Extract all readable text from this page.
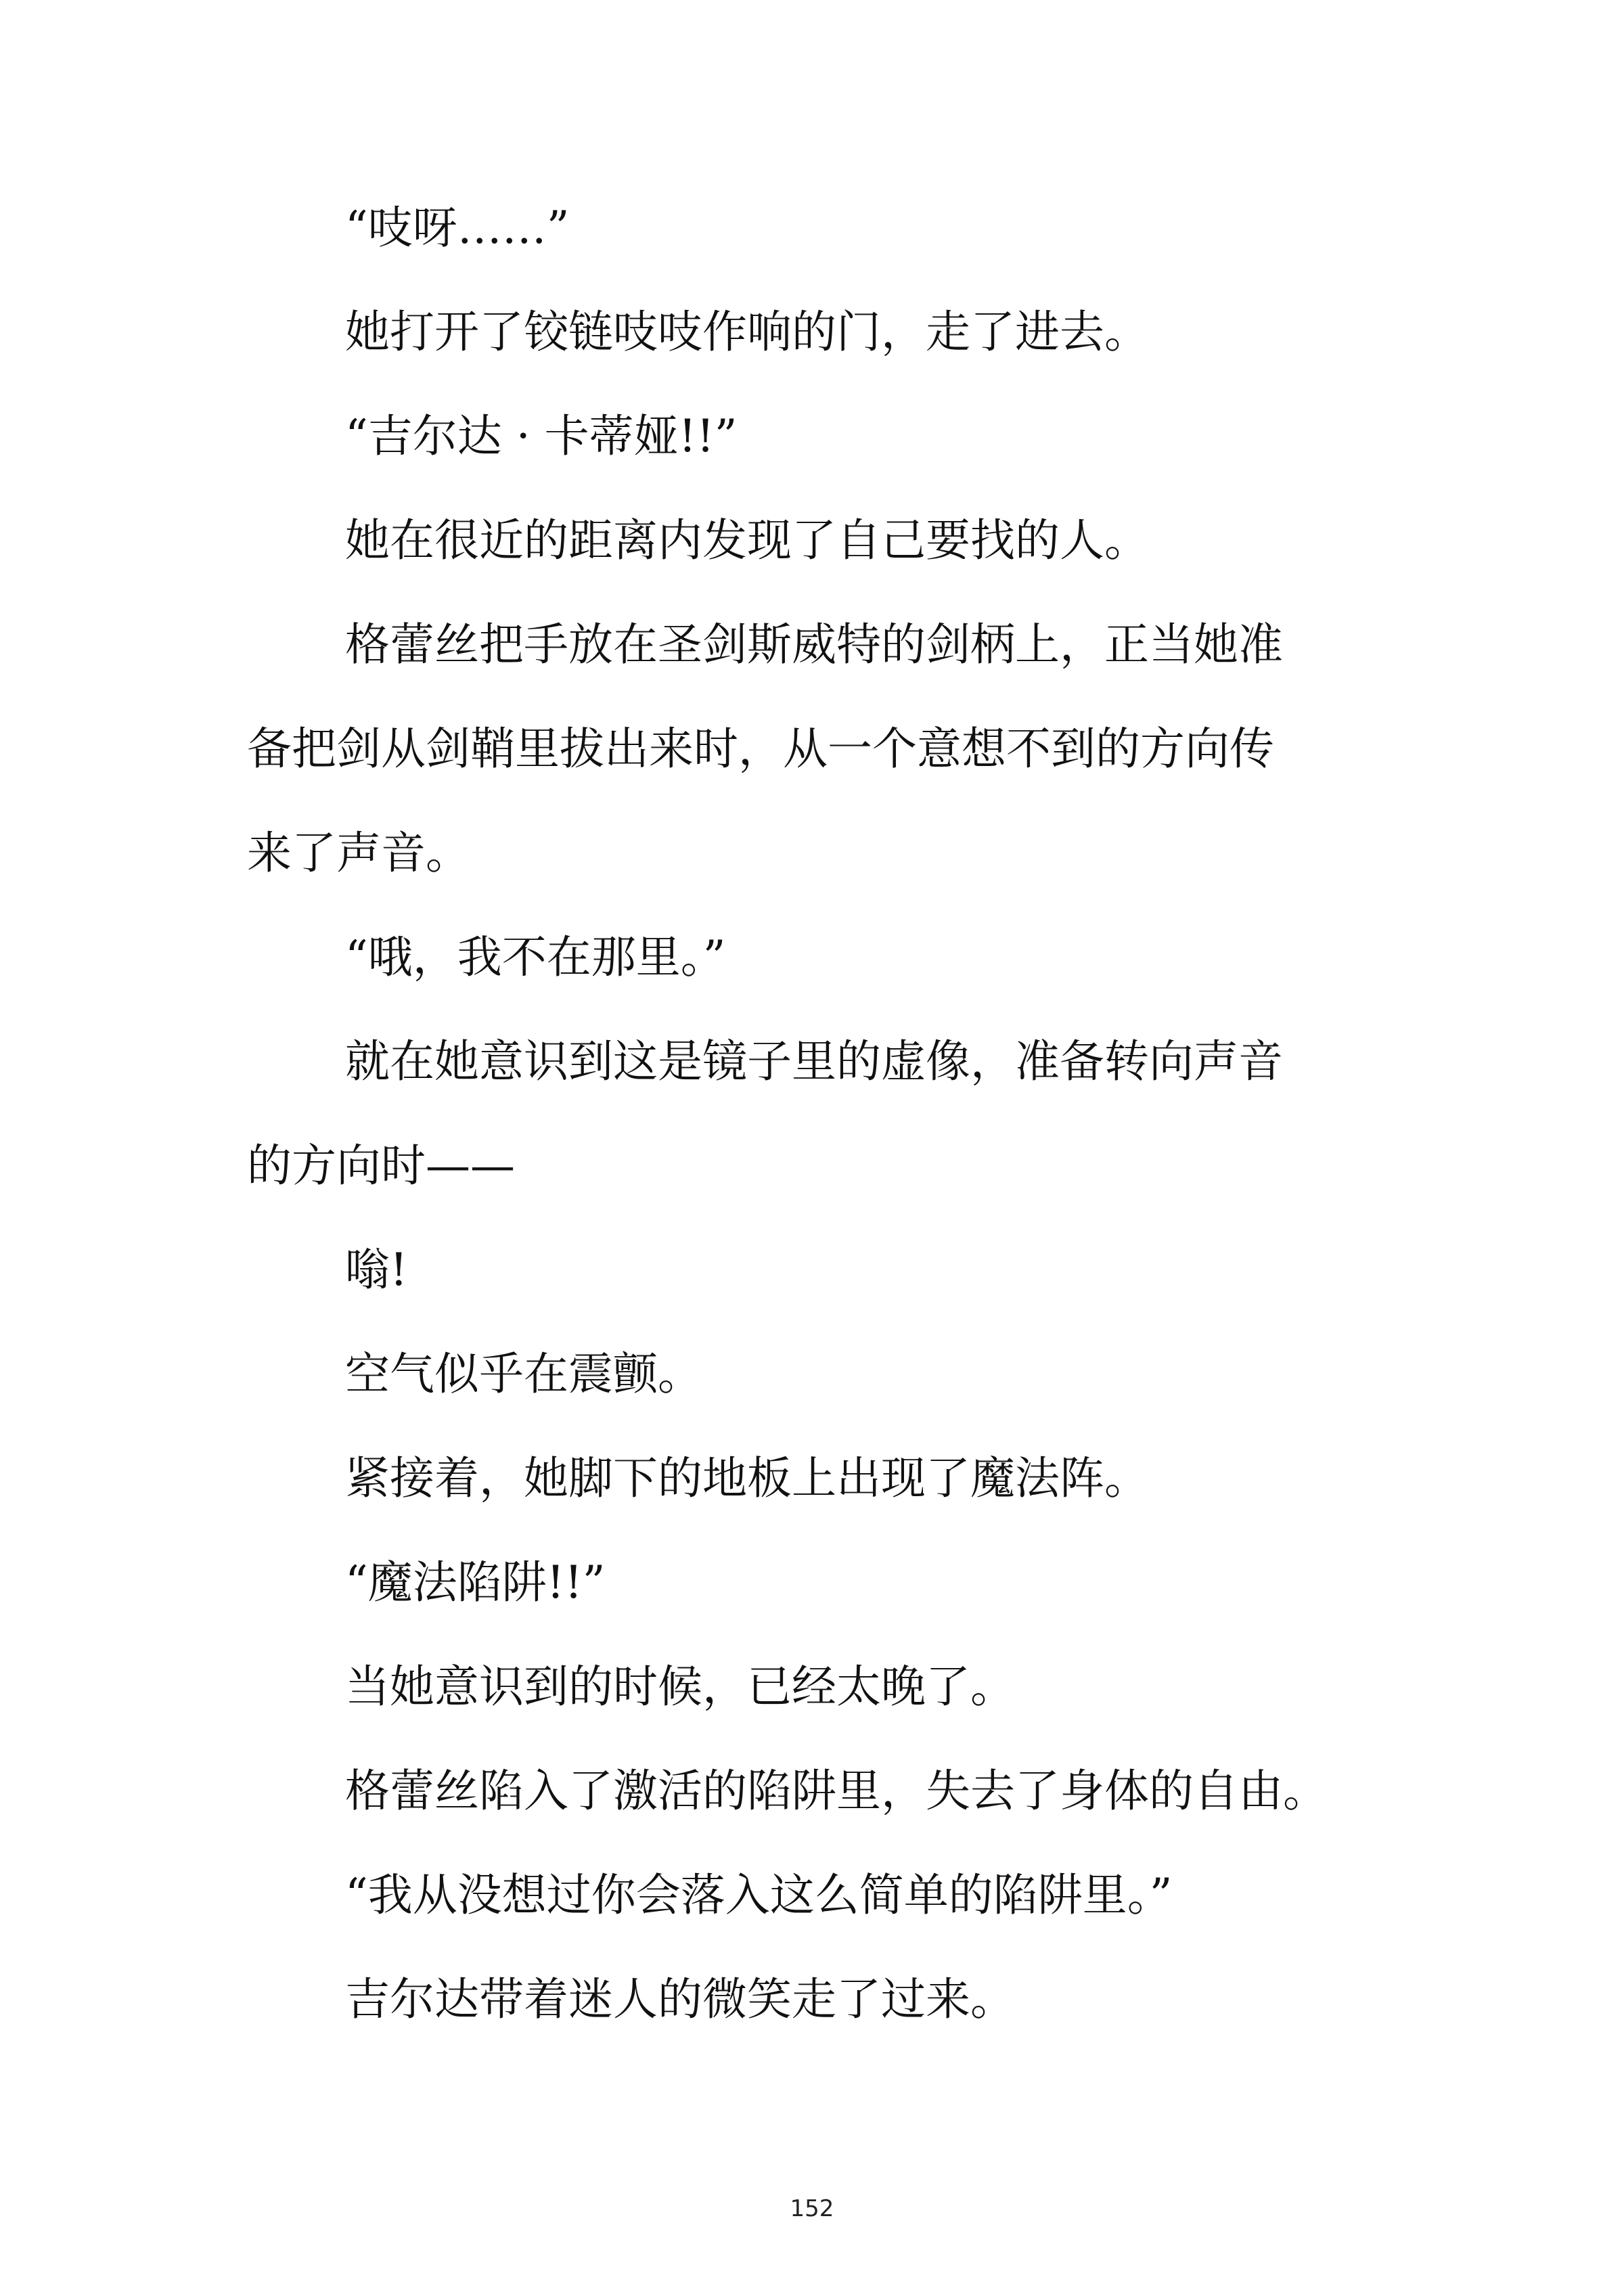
“吱呀……”
她打开了铰链吱吱作响的门，走了进去。
“吉尔达 · 卡蒂娅!!”
她在很近的距离内发现了自己要找的人。
格蕾丝把手放在圣剑斯威特的剑柄上，正当她准
备把剑从剑鞘里拔出来时，从一个意想不到的方向传
来了声音。
“哦，我不在那里。”
就在她意识到这是镜子里的虚像，准备转向声音
的方向时——
嗡!
空气似乎在震颤。
紧接着，她脚下的地板上出现了魔法阵。
“魔法陷阱!!”
当她意识到的时候，已经太晚了。
格蕾丝陷入了激活的陷阱里，失去了身体的自由。
“我从没想过你会落入这么简单的陷阱里。”
吉尔达带着迷人的微笑走了过来。
152
